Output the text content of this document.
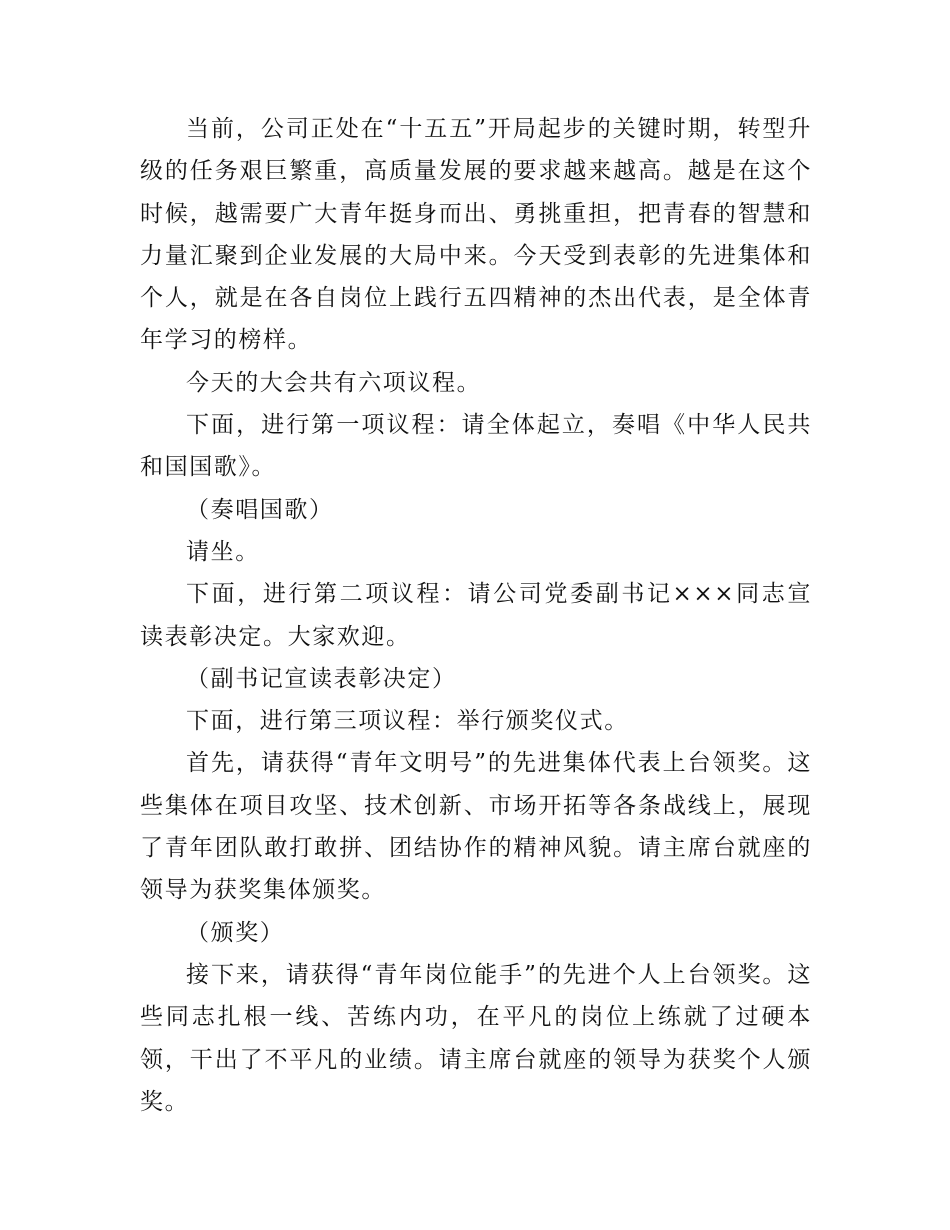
当前，公司正处在“十五五”开局起步的关键时期，转型升级的任务艰巨繁重，高质量发展的要求越来越高。越是在这个时候，越需要广大青年挺身而出、勇挑重担，把青春的智慧和力量汇聚到企业发展的大局中来。今天受到表彰的先进集体和个人，就是在各自岗位上践行五四精神的杰出代表，是全体青年学习的榜样。

今天的大会共有六项议程。

下面，进行第一项议程：请全体起立，奏唱《中华人民共和国国歌》。

（奏唱国歌）

请坐。

下面，进行第二项议程：请公司党委副书记×××同志宣读表彰决定。大家欢迎。

（副书记宣读表彰决定）

下面，进行第三项议程：举行颁奖仪式。

首先，请获得“青年文明号”的先进集体代表上台领奖。这些集体在项目攻坚、技术创新、市场开拓等各条战线上，展现了青年团队敢打敢拼、团结协作的精神风貌。请主席台就座的领导为获奖集体颁奖。

（颁奖）

接下来，请获得“青年岗位能手”的先进个人上台领奖。这些同志扎根一线、苦练内功，在平凡的岗位上练就了过硬本领，干出了不平凡的业绩。请主席台就座的领导为获奖个人颁奖。
